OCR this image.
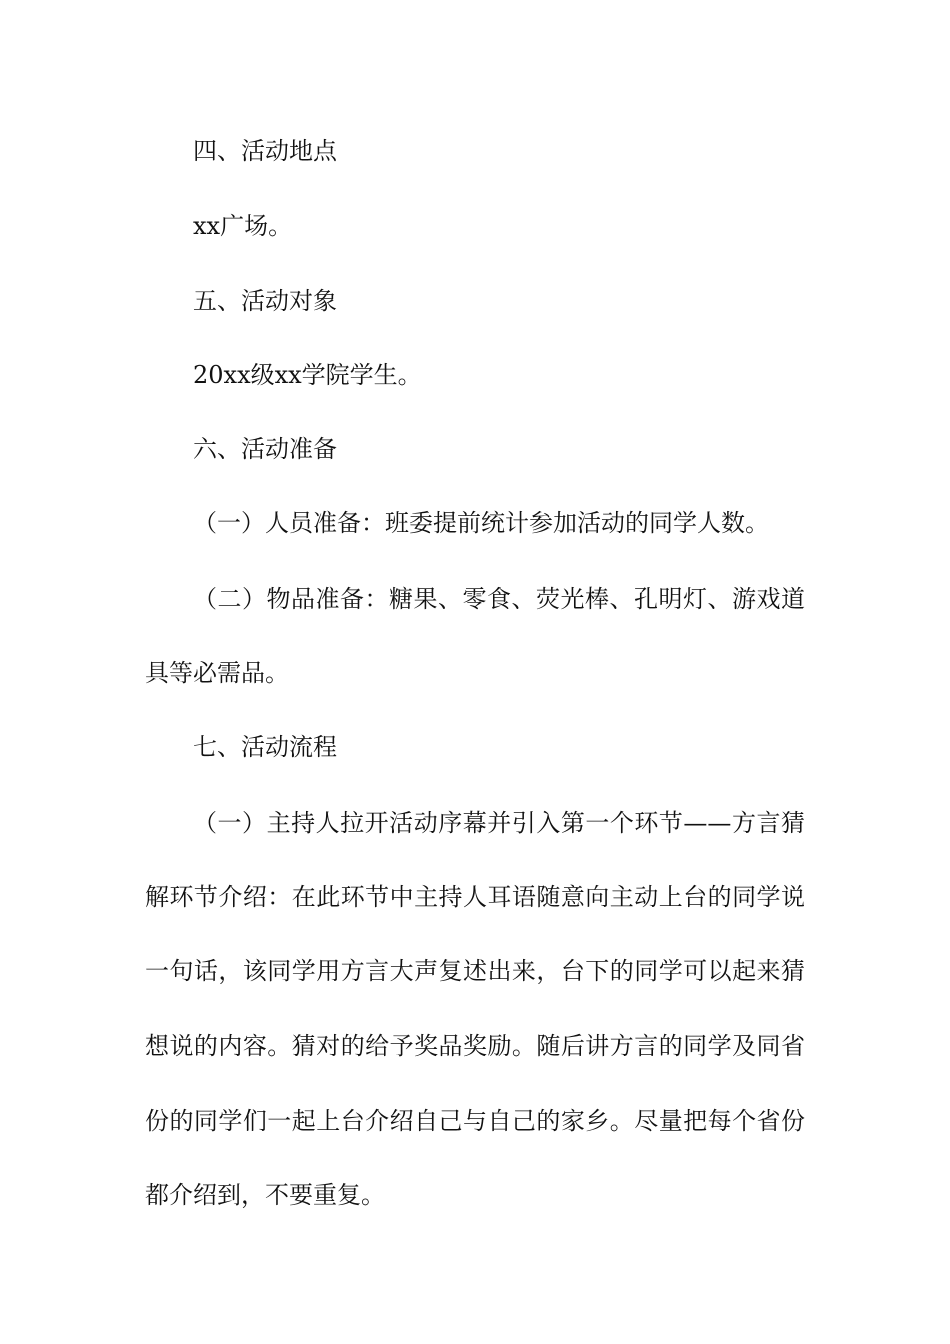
四、活动地点
xx广场。
五、活动对象
20xx级xx学院学生。
六、活动准备
（一）人员准备：班委提前统计参加活动的同学人数。
（二）物品准备：糖果、零食、荧光棒、孔明灯、游戏道
具等必需品。
七、活动流程
（一）主持人拉开活动序幕并引入第一个环节——方言猜
解环节介绍：在此环节中主持人耳语随意向主动上台的同学说
一句话，该同学用方言大声复述出来，台下的同学可以起来猜
想说的内容。猜对的给予奖品奖励。随后讲方言的同学及同省
份的同学们一起上台介绍自己与自己的家乡。尽量把每个省份
都介绍到，不要重复。
